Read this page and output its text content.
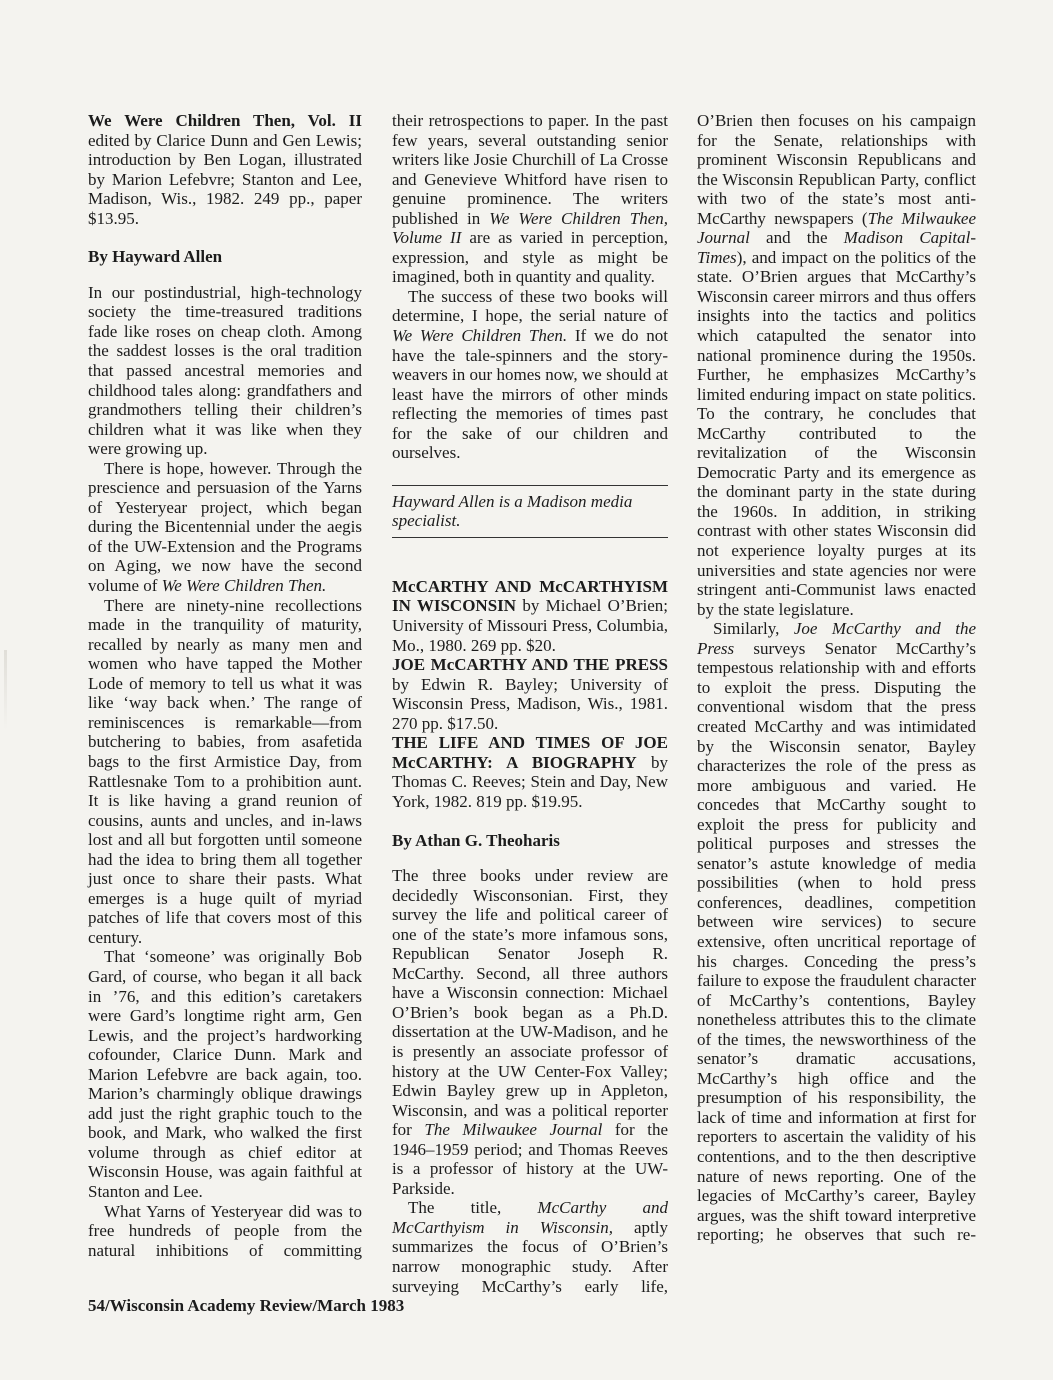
We Were Children Then, Vol. II edited by Clarice Dunn and Gen Lewis; introduction by Ben Logan, illustrated by Marion Lefebvre; Stanton and Lee, Madison, Wis., 1982. 249 pp., paper $13.95.

By Hayward Allen

In our postindustrial, high-technology society the time-treasured traditions fade like roses on cheap cloth. Among the saddest losses is the oral tradition that passed ancestral memories and childhood tales along: grandfathers and grandmothers telling their children’s children what it was like when they were growing up.

There is hope, however. Through the prescience and persuasion of the Yarns of Yesteryear project, which began during the Bicentennial under the aegis of the UW-Extension and the Programs on Aging, we now have the second volume of We Were Children Then.

There are ninety-nine recollections made in the tranquility of maturity, recalled by nearly as many men and women who have tapped the Mother Lode of memory to tell us what it was like ‘way back when.’ The range of reminiscences is remarkable—from butchering to babies, from asafetida bags to the first Armistice Day, from Rattlesnake Tom to a prohibition aunt. It is like having a grand reunion of cousins, aunts and uncles, and in-laws lost and all but forgotten until someone had the idea to bring them all together just once to share their pasts. What emerges is a huge quilt of myriad patches of life that covers most of this century.

That ‘someone’ was originally Bob Gard, of course, who began it all back in ’76, and this edition’s caretakers were Gard’s longtime right arm, Gen Lewis, and the project’s hardworking cofounder, Clarice Dunn. Mark and Marion Lefebvre are back again, too. Marion’s charmingly oblique drawings add just the right graphic touch to the book, and Mark, who walked the first volume through as chief editor at Wisconsin House, was again faithful at Stanton and Lee.

What Yarns of Yesteryear did was to free hundreds of people from the natural inhibitions of committing

their retrospections to paper. In the past few years, several outstanding senior writers like Josie Churchill of La Crosse and Genevieve Whitford have risen to genuine prominence. The writers published in We Were Children Then, Volume II are as varied in perception, expression, and style as might be imagined, both in quantity and quality.

The success of these two books will determine, I hope, the serial nature of We Were Children Then. If we do not have the tale-spinners and the story-weavers in our homes now, we should at least have the mirrors of other minds reflecting the memories of times past for the sake of our children and ourselves.

Hayward Allen is a Madison media specialist.

McCARTHY AND McCARTHYISM IN WISCONSIN by Michael O’Brien; University of Missouri Press, Columbia, Mo., 1980. 269 pp. $20.

JOE McCARTHY AND THE PRESS by Edwin R. Bayley; University of Wisconsin Press, Madison, Wis., 1981. 270 pp. $17.50.

THE LIFE AND TIMES OF JOE McCARTHY: A BIOGRAPHY by Thomas C. Reeves; Stein and Day, New York, 1982. 819 pp. $19.95.

By Athan G. Theoharis

The three books under review are decidedly Wisconsonian. First, they survey the life and political career of one of the state’s more infamous sons, Republican Senator Joseph R. McCarthy. Second, all three authors have a Wisconsin connection: Michael O’Brien’s book began as a Ph.D. dissertation at the UW-Madison, and he is presently an associate professor of history at the UW Center-Fox Valley; Edwin Bayley grew up in Appleton, Wisconsin, and was a political reporter for The Milwaukee Journal for the 1946–1959 period; and Thomas Reeves is a professor of history at the UW-Parkside.

The title, McCarthy and McCarthyism in Wisconsin, aptly summarizes the focus of O’Brien’s narrow monographic study. After surveying McCarthy’s early life,

O’Brien then focuses on his campaign for the Senate, relationships with prominent Wisconsin Republicans and the Wisconsin Republican Party, conflict with two of the state’s most anti-McCarthy newspapers (The Milwaukee Journal and the Madison Capital-Times), and impact on the politics of the state. O’Brien argues that McCarthy’s Wisconsin career mirrors and thus offers insights into the tactics and politics which catapulted the senator into national prominence during the 1950s. Further, he emphasizes McCarthy’s limited enduring impact on state politics. To the contrary, he concludes that McCarthy contributed to the revitalization of the Wisconsin Democratic Party and its emergence as the dominant party in the state during the 1960s. In addition, in striking contrast with other states Wisconsin did not experience loyalty purges at its universities and state agencies nor were stringent anti-Communist laws enacted by the state legislature.

Similarly, Joe McCarthy and the Press surveys Senator McCarthy’s tempestous relationship with and efforts to exploit the press. Disputing the conventional wisdom that the press created McCarthy and was intimidated by the Wisconsin senator, Bayley characterizes the role of the press as more ambiguous and varied. He concedes that McCarthy sought to exploit the press for publicity and political purposes and stresses the senator’s astute knowledge of media possibilities (when to hold press conferences, deadlines, competition between wire services) to secure extensive, often uncritical reportage of his charges. Conceding the press’s failure to expose the fraudulent character of McCarthy’s contentions, Bayley nonetheless attributes this to the climate of the times, the newsworthiness of the senator’s dramatic accusations, McCarthy’s high office and the presumption of his responsibility, the lack of time and information at first for reporters to ascertain the validity of his contentions, and to the then descriptive nature of news reporting. One of the legacies of McCarthy’s career, Bayley argues, was the shift toward interpretive reporting; he observes that such re-

54/Wisconsin Academy Review/March 1983
